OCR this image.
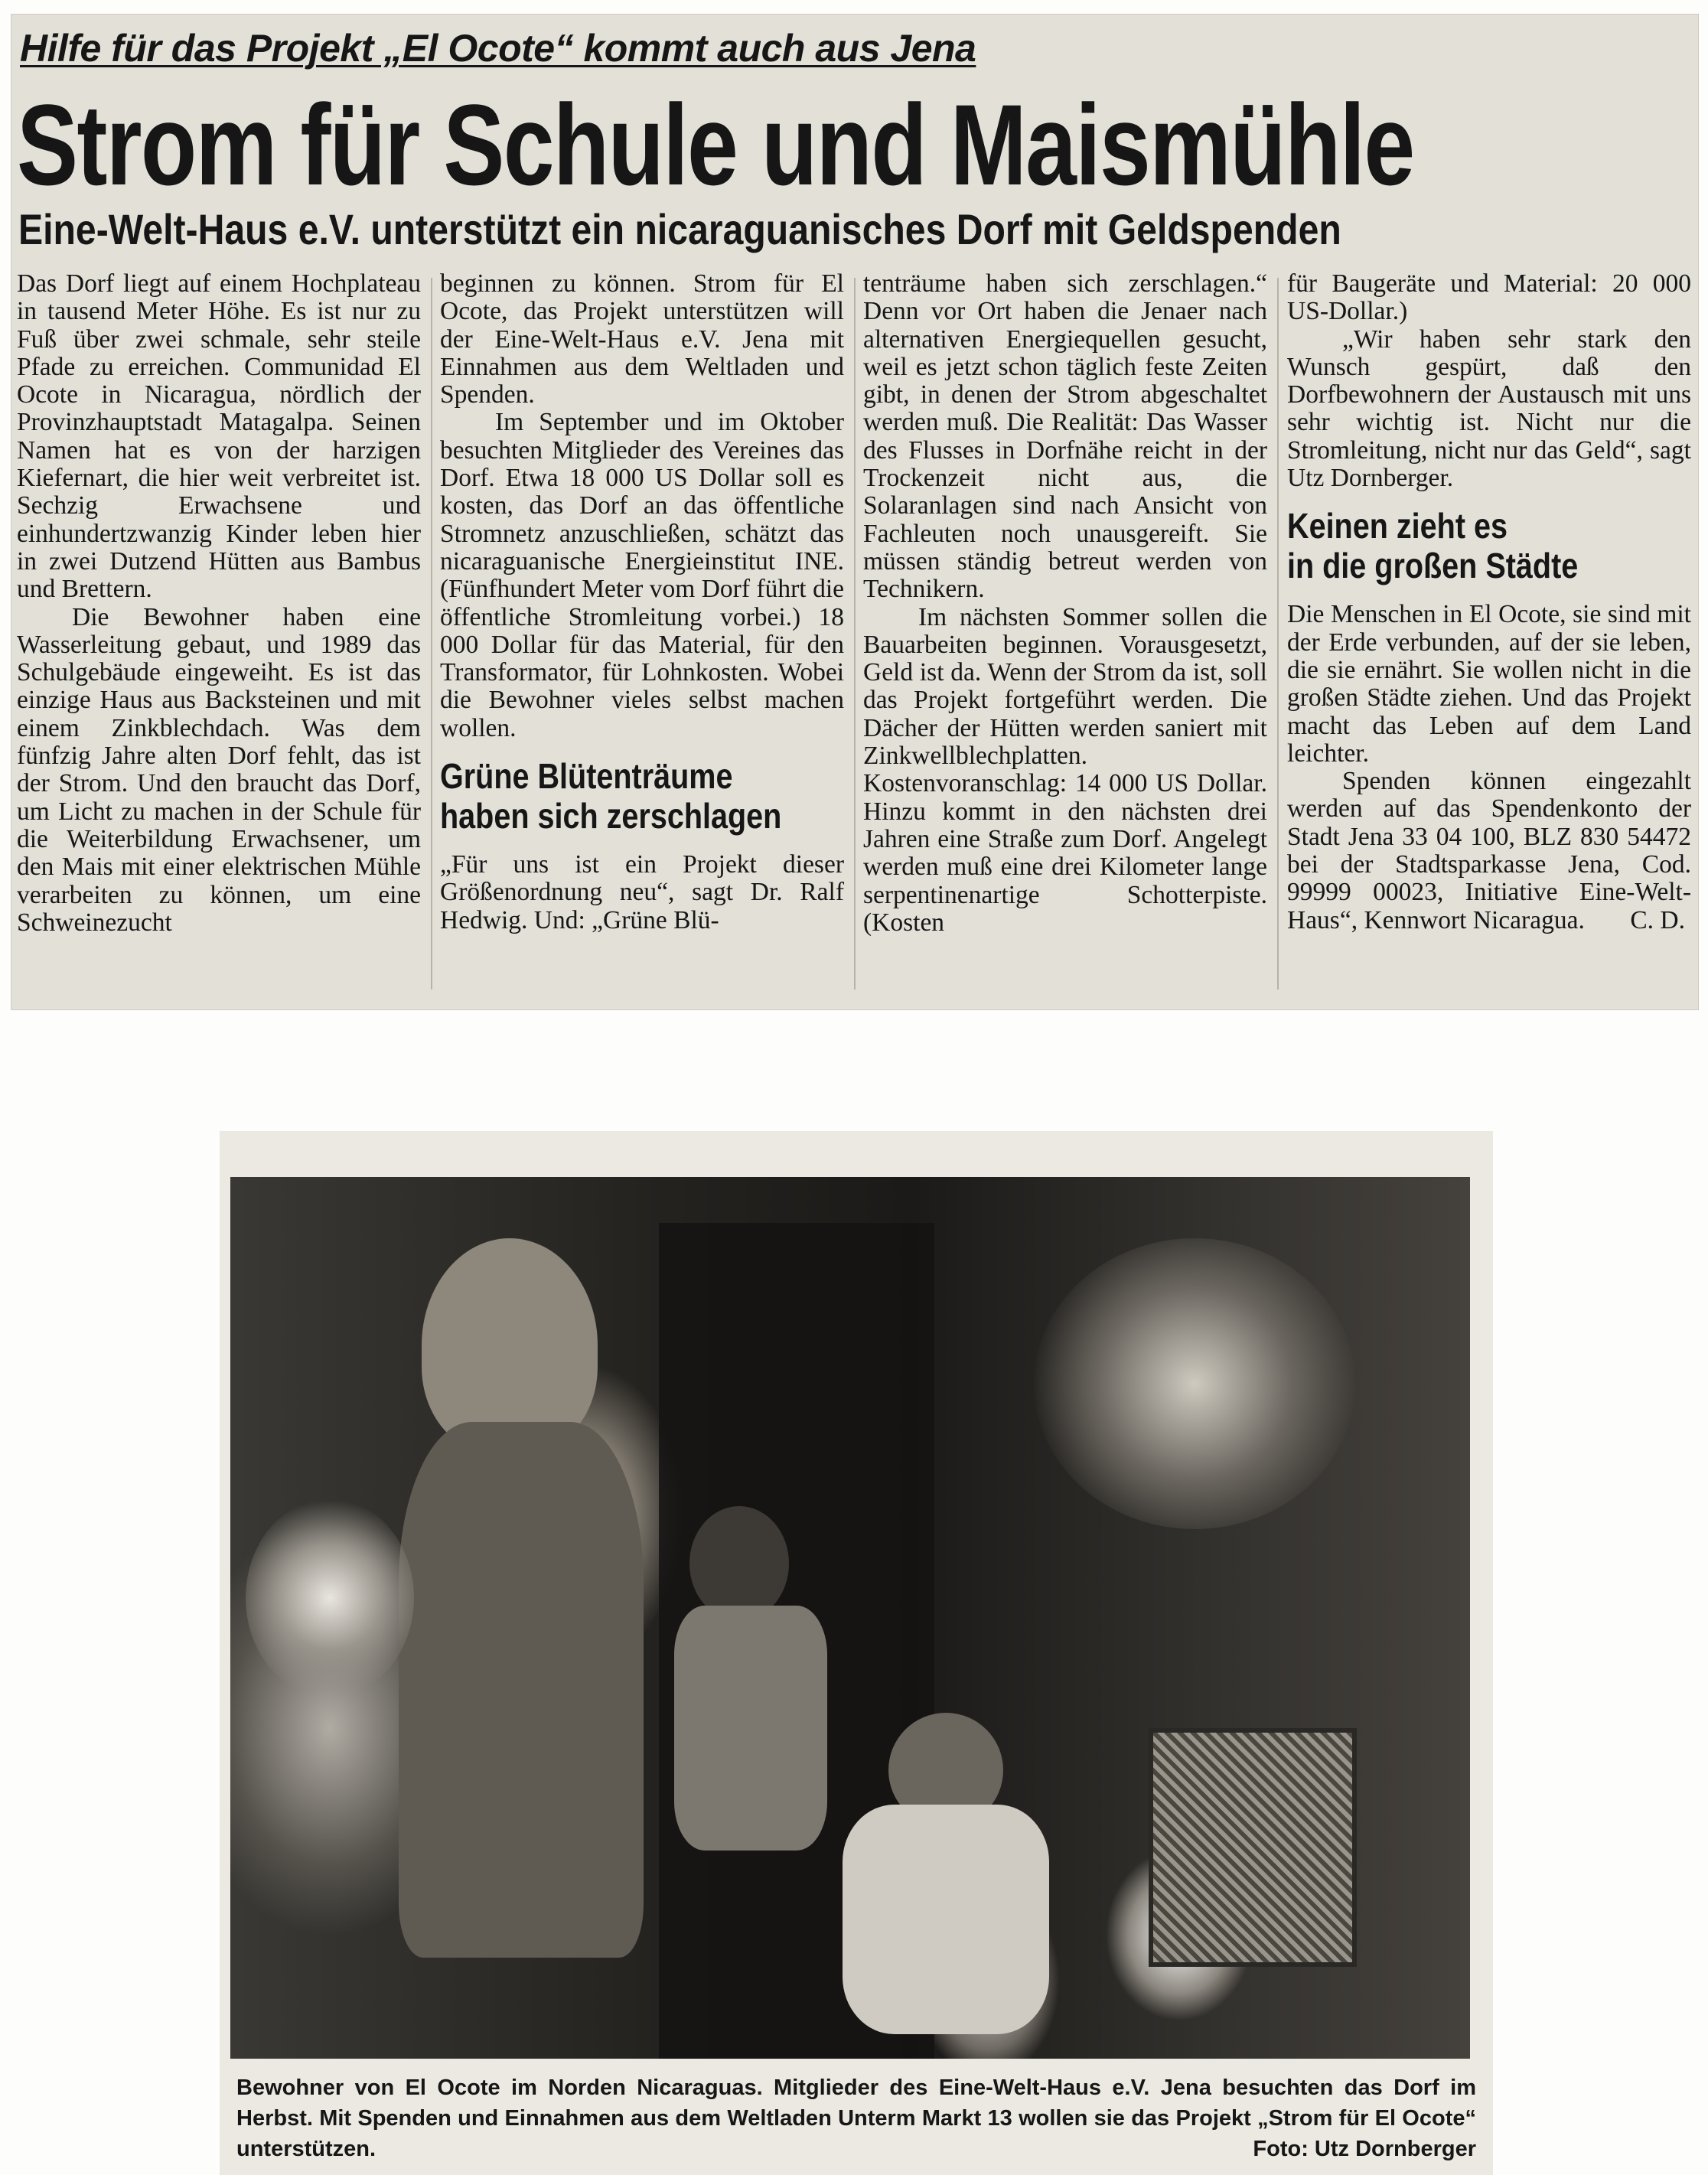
Hilfe für das Projekt „El Ocote“ kommt auch aus Jena
Strom für Schule und Maismühle
Eine-Welt-Haus e.V. unterstützt ein nicaraguanisches Dorf mit Geldspenden

Das Dorf liegt auf einem Hochplateau in tausend Meter Höhe. Es ist nur zu Fuß über zwei schmale, sehr steile Pfade zu erreichen. Communidad El Ocote in Nicaragua, nördlich der Provinzhauptstadt Matagalpa. Seinen Namen hat es von der harzigen Kiefernart, die hier weit verbreitet ist. Sechzig Erwachsene und einhundertzwanzig Kinder leben hier in zwei Dutzend Hütten aus Bambus und Brettern.

Die Bewohner haben eine Wasserleitung gebaut, und 1989 das Schulgebäude eingeweiht. Es ist das einzige Haus aus Backsteinen und mit einem Zinkblechdach. Was dem fünfzig Jahre alten Dorf fehlt, das ist der Strom. Und den braucht das Dorf, um Licht zu machen in der Schule für die Weiterbildung Erwachsener, um den Mais mit einer elektrischen Mühle verarbeiten zu können, um eine Schweinezucht

beginnen zu können. Strom für El Ocote, das Projekt unterstützen will der Eine-Welt-Haus e.V. Jena mit Einnahmen aus dem Weltladen und Spenden.

Im September und im Oktober besuchten Mitglieder des Vereines das Dorf. Etwa 18 000 US Dollar soll es kosten, das Dorf an das öffentliche Stromnetz anzuschließen, schätzt das nicaraguanische Energieinstitut INE. (Fünfhundert Meter vom Dorf führt die öffentliche Stromleitung vorbei.) 18 000 Dollar für das Material, für den Transformator, für Lohnkosten. Wobei die Bewohner vieles selbst machen wollen.

Grüne Blütenträume
haben sich zerschlagen

„Für uns ist ein Projekt dieser Größenordnung neu“, sagt Dr. Ralf Hedwig. Und: „Grüne Blü-

tenträume haben sich zerschlagen.“ Denn vor Ort haben die Jenaer nach alternativen Energiequellen gesucht, weil es jetzt schon täglich feste Zeiten gibt, in denen der Strom abgeschaltet werden muß. Die Realität: Das Wasser des Flusses in Dorfnähe reicht in der Trockenzeit nicht aus, die Solaranlagen sind nach Ansicht von Fachleuten noch unausgereift. Sie müssen ständig betreut werden von Technikern.

Im nächsten Sommer sollen die Bauarbeiten beginnen. Vorausgesetzt, Geld ist da. Wenn der Strom da ist, soll das Projekt fortgeführt werden. Die Dächer der Hütten werden saniert mit Zinkwellblechplatten. Kostenvoranschlag: 14 000 US Dollar. Hinzu kommt in den nächsten drei Jahren eine Straße zum Dorf. Angelegt werden muß eine drei Kilometer lange serpentinenartige Schotterpiste. (Kosten

für Baugeräte und Material: 20 000 US-Dollar.)

„Wir haben sehr stark den Wunsch gespürt, daß den Dorfbewohnern der Austausch mit uns sehr wichtig ist. Nicht nur die Stromleitung, nicht nur das Geld“, sagt Utz Dornberger.

Keinen zieht es
in die großen Städte

Die Menschen in El Ocote, sie sind mit der Erde verbunden, auf der sie leben, die sie ernährt. Sie wollen nicht in die großen Städte ziehen. Und das Projekt macht das Leben auf dem Land leichter.

Spenden können eingezahlt werden auf das Spendenkonto der Stadt Jena 33 04 100, BLZ 830 54472 bei der Stadtsparkasse Jena, Cod. 99999 00023, Initiative Eine-Welt-Haus“, Kennwort Nicaragua.	C. D.
Bewohner von El Ocote im Norden Nicaraguas. Mitglieder des Eine-Welt-Haus e.V. Jena besuchten das Dorf im Herbst. Mit Spenden und Einnahmen aus dem Weltladen Unterm Markt 13 wollen sie das Projekt „Strom für El Ocote“ unterstützen.	Foto: Utz Dornberger
